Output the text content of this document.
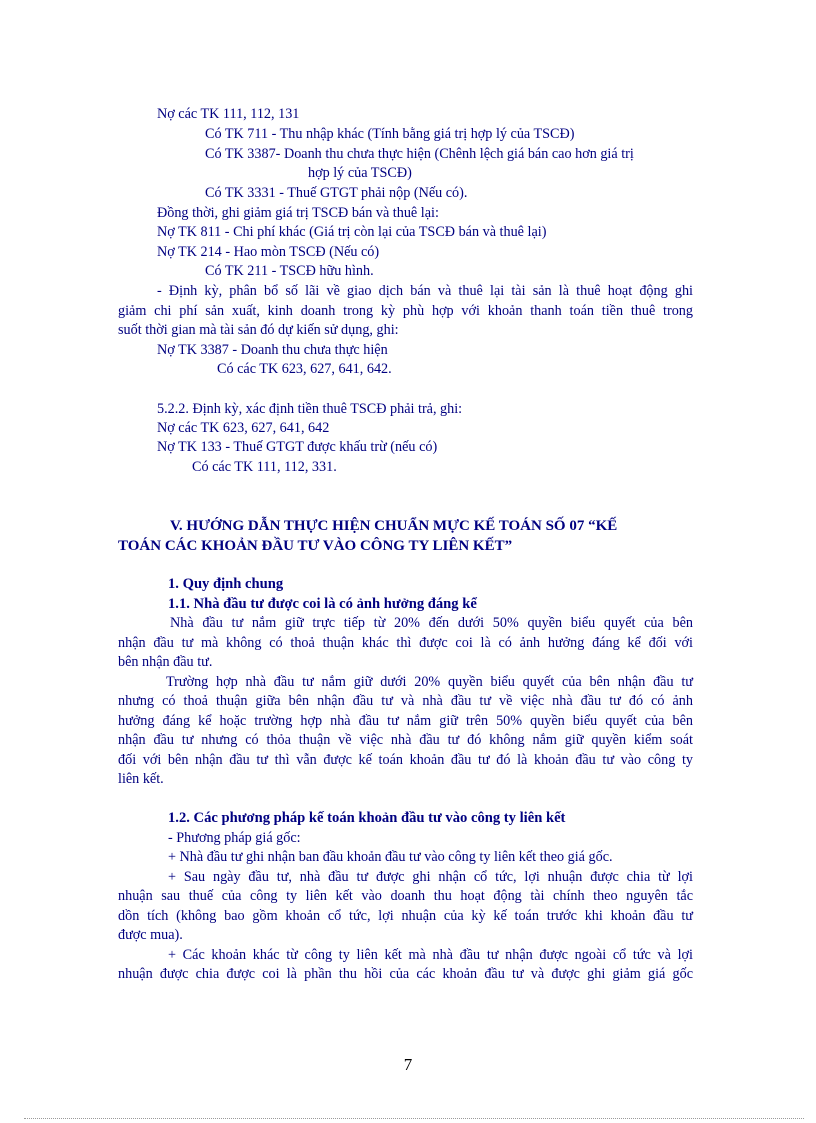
Nợ các TK 111, 112, 131
Có TK 711 - Thu nhập khác (Tính bằng giá trị hợp lý của TSCĐ)
Có TK 3387- Doanh thu chưa thực hiện (Chênh lệch giá bán cao hơn giá trị
hợp lý của TSCĐ)
Có TK 3331 - Thuế GTGT phải nộp (Nếu có).
Đồng thời, ghi giảm giá trị TSCĐ bán và thuê lại:
Nợ TK 811 - Chi phí khác (Giá trị còn lại của TSCĐ bán và thuê lại)
Nợ TK 214 - Hao mòn TSCĐ (Nếu có)
Có TK 211 - TSCĐ hữu hình.
- Định kỳ, phân bổ số lãi về giao dịch bán và thuê lại tài sản là thuê hoạt động ghi
giảm chi phí sản xuất, kinh doanh trong kỳ phù hợp với khoản thanh toán tiền thuê trong
suốt thời gian mà tài sản đó dự kiến sử dụng, ghi:
Nợ TK 3387 - Doanh thu chưa thực hiện
Có các TK 623, 627, 641, 642.
5.2.2. Định kỳ, xác định tiền thuê TSCĐ phải trả, ghi:
Nợ các TK 623, 627, 641, 642
Nợ TK 133 - Thuế GTGT được khấu trừ (nếu có)
Có các TK 111, 112, 331.
V. HƯỚNG DẪN THỰC HIỆN CHUẨN MỰC KẾ TOÁN SỐ 07 “KẾ
TOÁN CÁC KHOẢN ĐẦU TƯ VÀO CÔNG TY LIÊN KẾT”
1. Quy định chung
1.1. Nhà đầu tư được coi là có ảnh hưởng đáng kể
Nhà đầu tư nắm giữ trực tiếp từ 20% đến dưới 50% quyền biểu quyết của bên
nhận đầu tư mà không có thoả thuận khác thì được coi là có ảnh hưởng đáng kể đối với
bên nhận đầu tư.
Trường hợp nhà đầu tư nắm giữ dưới 20% quyền biểu quyết của bên nhận đầu tư
nhưng có thoả thuận giữa bên nhận đầu tư và nhà đầu tư về việc nhà đầu tư đó có ảnh
hưởng đáng kể hoặc trường hợp nhà đầu tư nắm giữ trên 50% quyền biểu quyết của bên
nhận đầu tư nhưng có thỏa thuận về việc nhà đầu tư đó không nắm giữ quyền kiểm soát
đối với bên nhận đầu tư thì vẫn được kế toán khoản đầu tư đó là khoản đầu tư vào công ty
liên kết.
1.2. Các phương pháp kế toán khoản đầu tư vào công ty liên kết
- Phương pháp giá gốc:
+ Nhà đầu tư ghi nhận ban đầu khoản đầu tư vào công ty liên kết theo giá gốc.
+ Sau ngày đầu tư, nhà đầu tư được ghi nhận cổ tức, lợi nhuận được chia từ lợi
nhuận sau thuế của công ty liên kết vào doanh thu hoạt động tài chính theo nguyên tắc
dồn tích (không bao gồm khoản cổ tức, lợi nhuận của kỳ kế toán trước khi khoản đầu tư
được mua).
+ Các khoản khác từ công ty liên kết mà nhà đầu tư nhận được ngoài cổ tức và lợi
nhuận được chia được coi là phần thu hồi của các khoản đầu tư và được ghi giảm giá gốc
7
